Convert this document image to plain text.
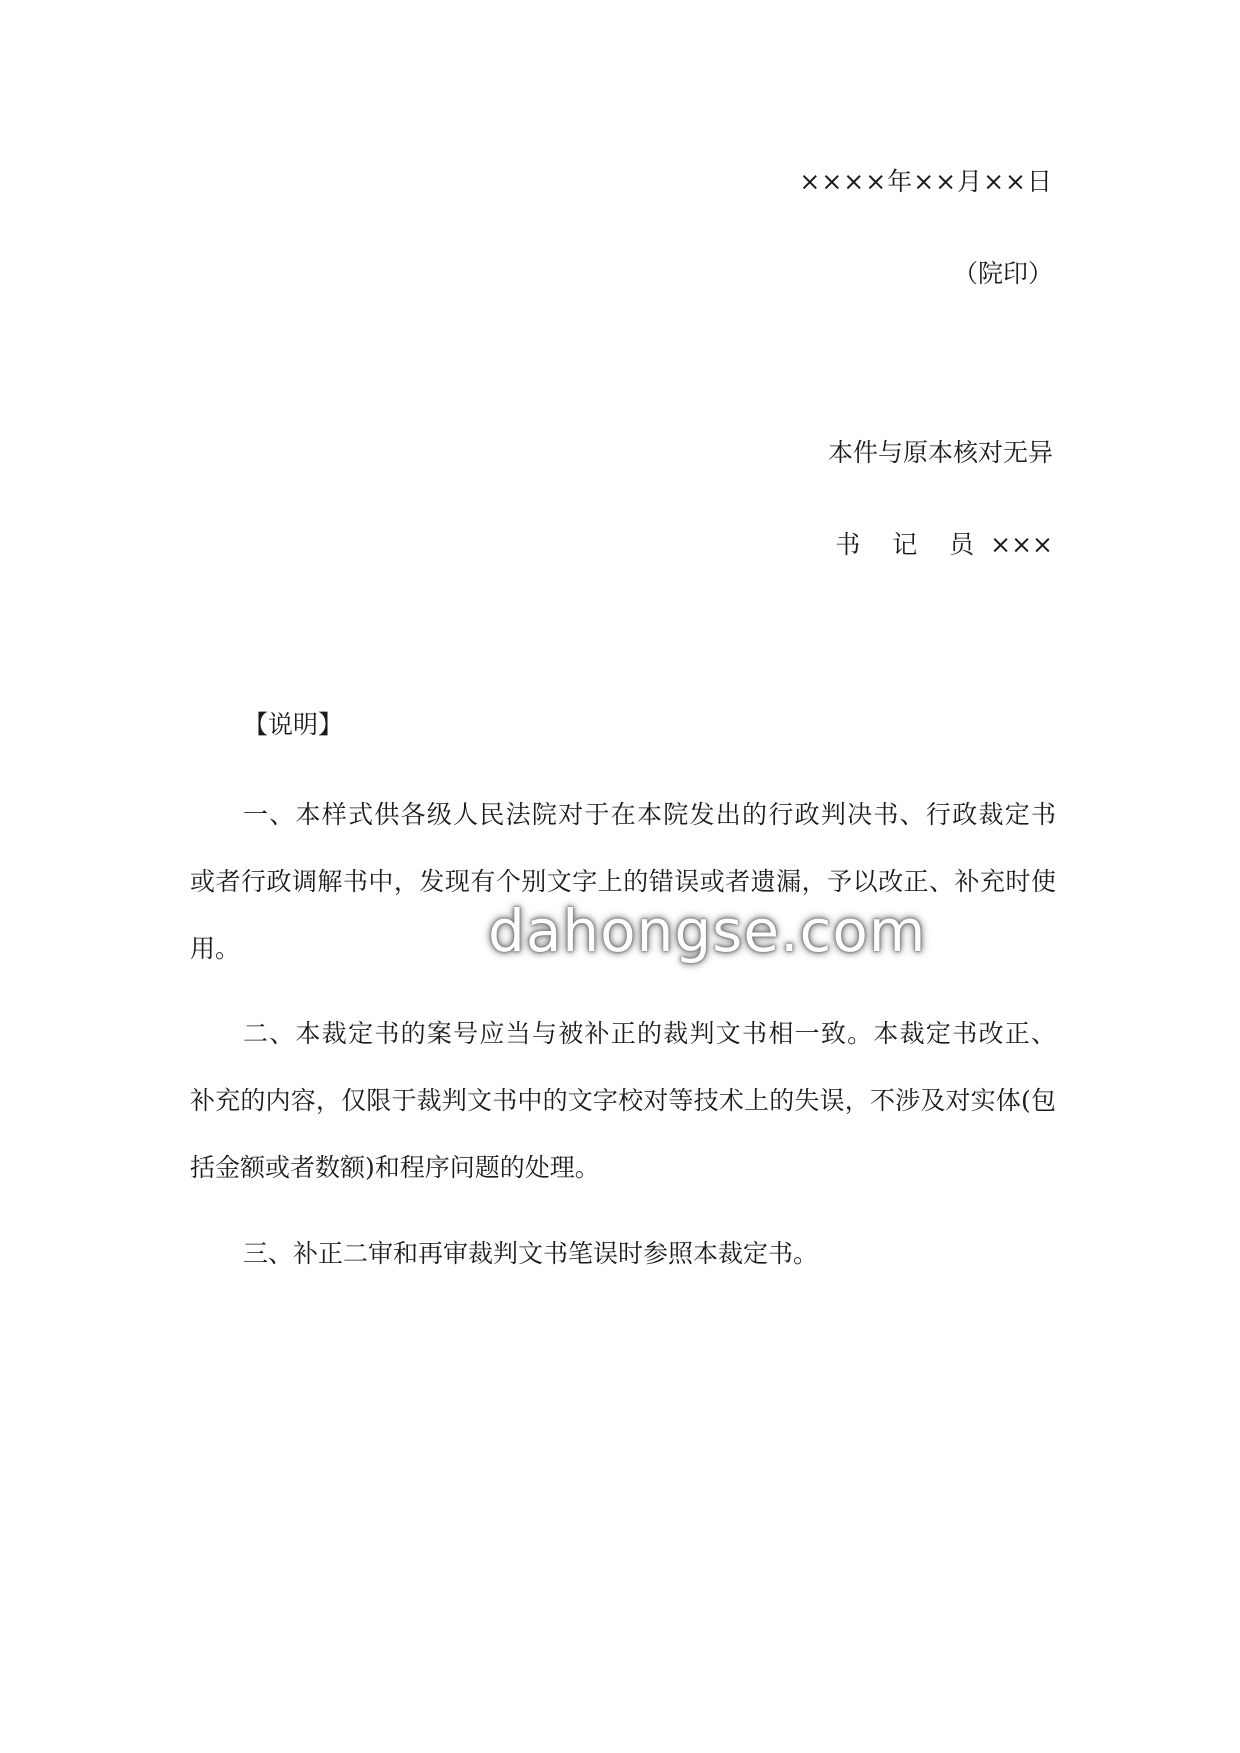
××××年××月××日
（院印）
本件与原本核对无异
书 记 员 ×××
【说明】
一、本样式供各级人民法院对于在本院发出的行政判决书、行政裁定书
或者行政调解书中，发现有个别文字上的错误或者遗漏，予以改正、补充时使
用。
二、本裁定书的案号应当与被补正的裁判文书相一致。本裁定书改正、
补充的内容，仅限于裁判文书中的文字校对等技术上的失误，不涉及对实体(包
括金额或者数额)和程序问题的处理。
三、补正二审和再审裁判文书笔误时参照本裁定书。
dahongse.com
